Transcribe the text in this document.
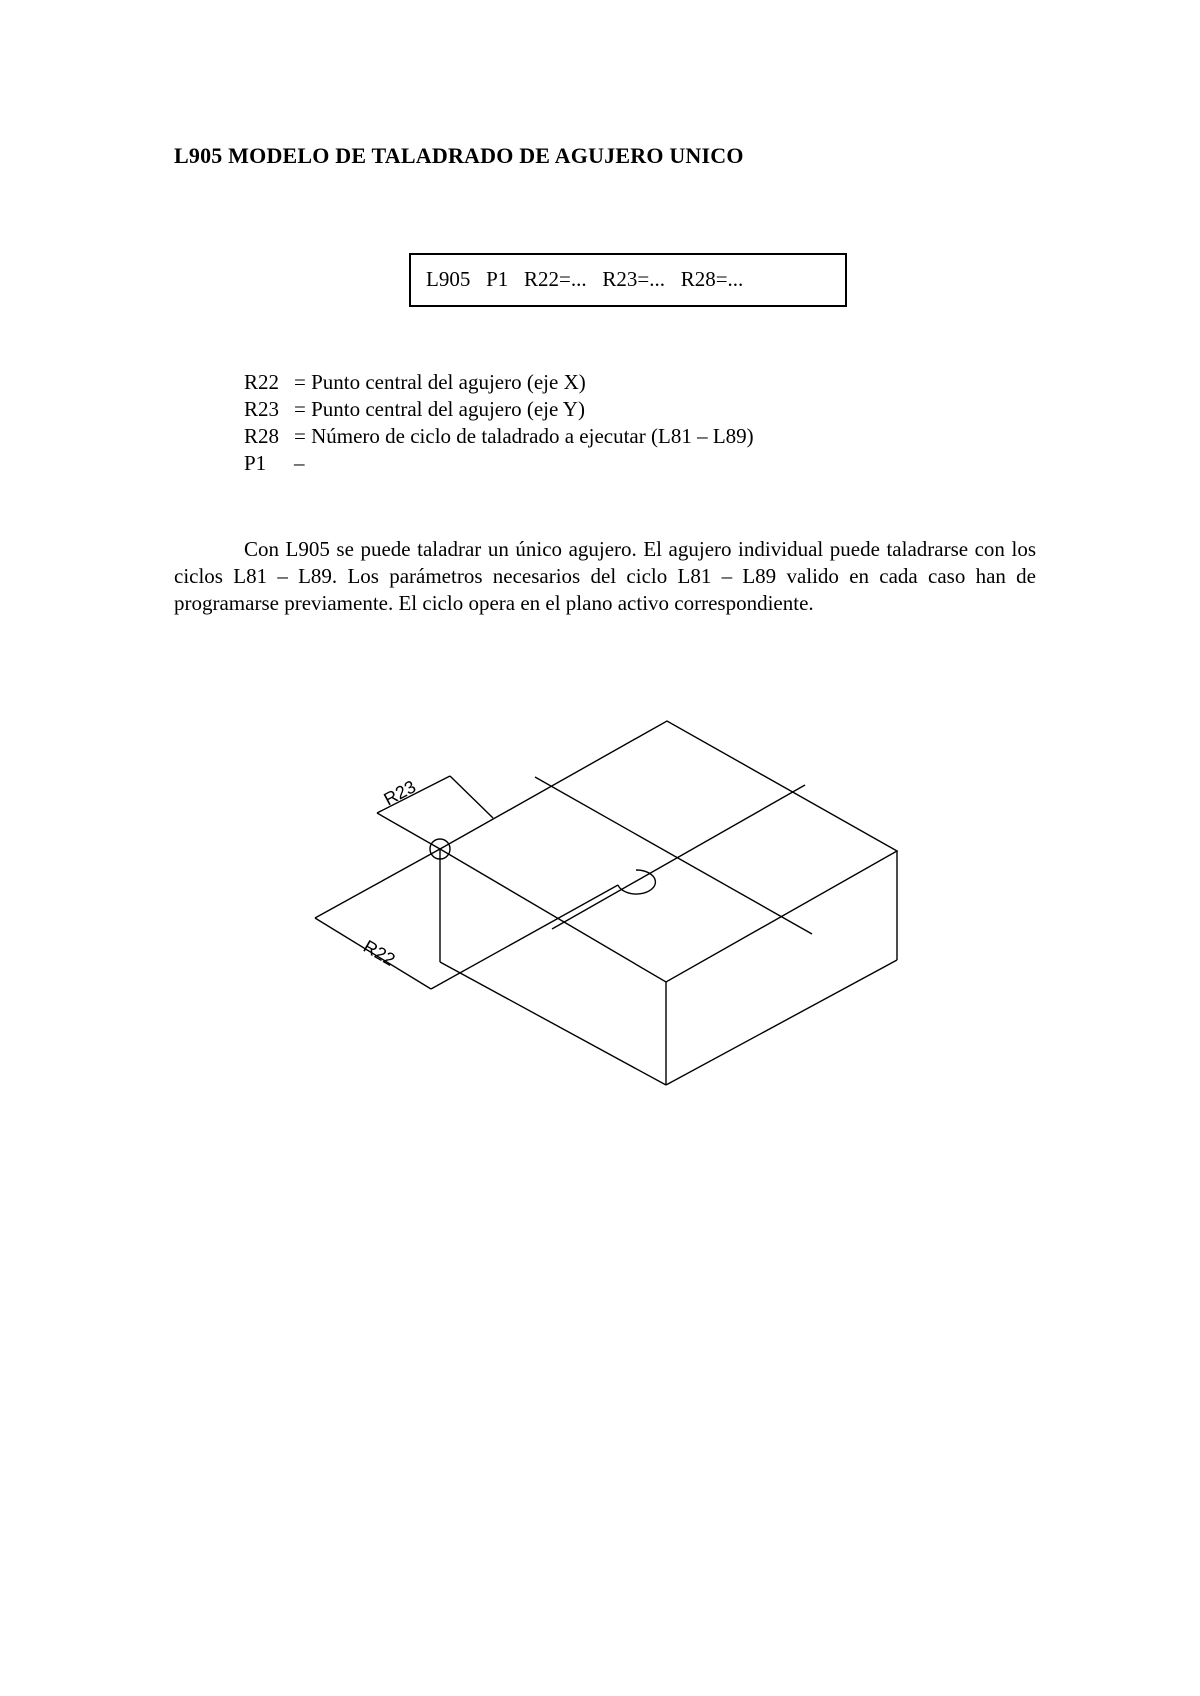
L905 MODELO DE TALADRADO DE AGUJERO UNICO
L905   P1   R22=...   R23=...   R28=...
R22 = Punto central del agujero (eje X)
R23 = Punto central del agujero (eje Y)
R28 = Número de ciclo de taladrado a ejecutar (L81 – L89)
P1 –
Con L905 se puede taladrar un único agujero. El agujero individual puede taladrarse con los ciclos L81 – L89. Los parámetros necesarios del ciclo L81 – L89 valido en cada caso han de programarse previamente. El ciclo opera en el plano activo correspondiente.
R23
R22
